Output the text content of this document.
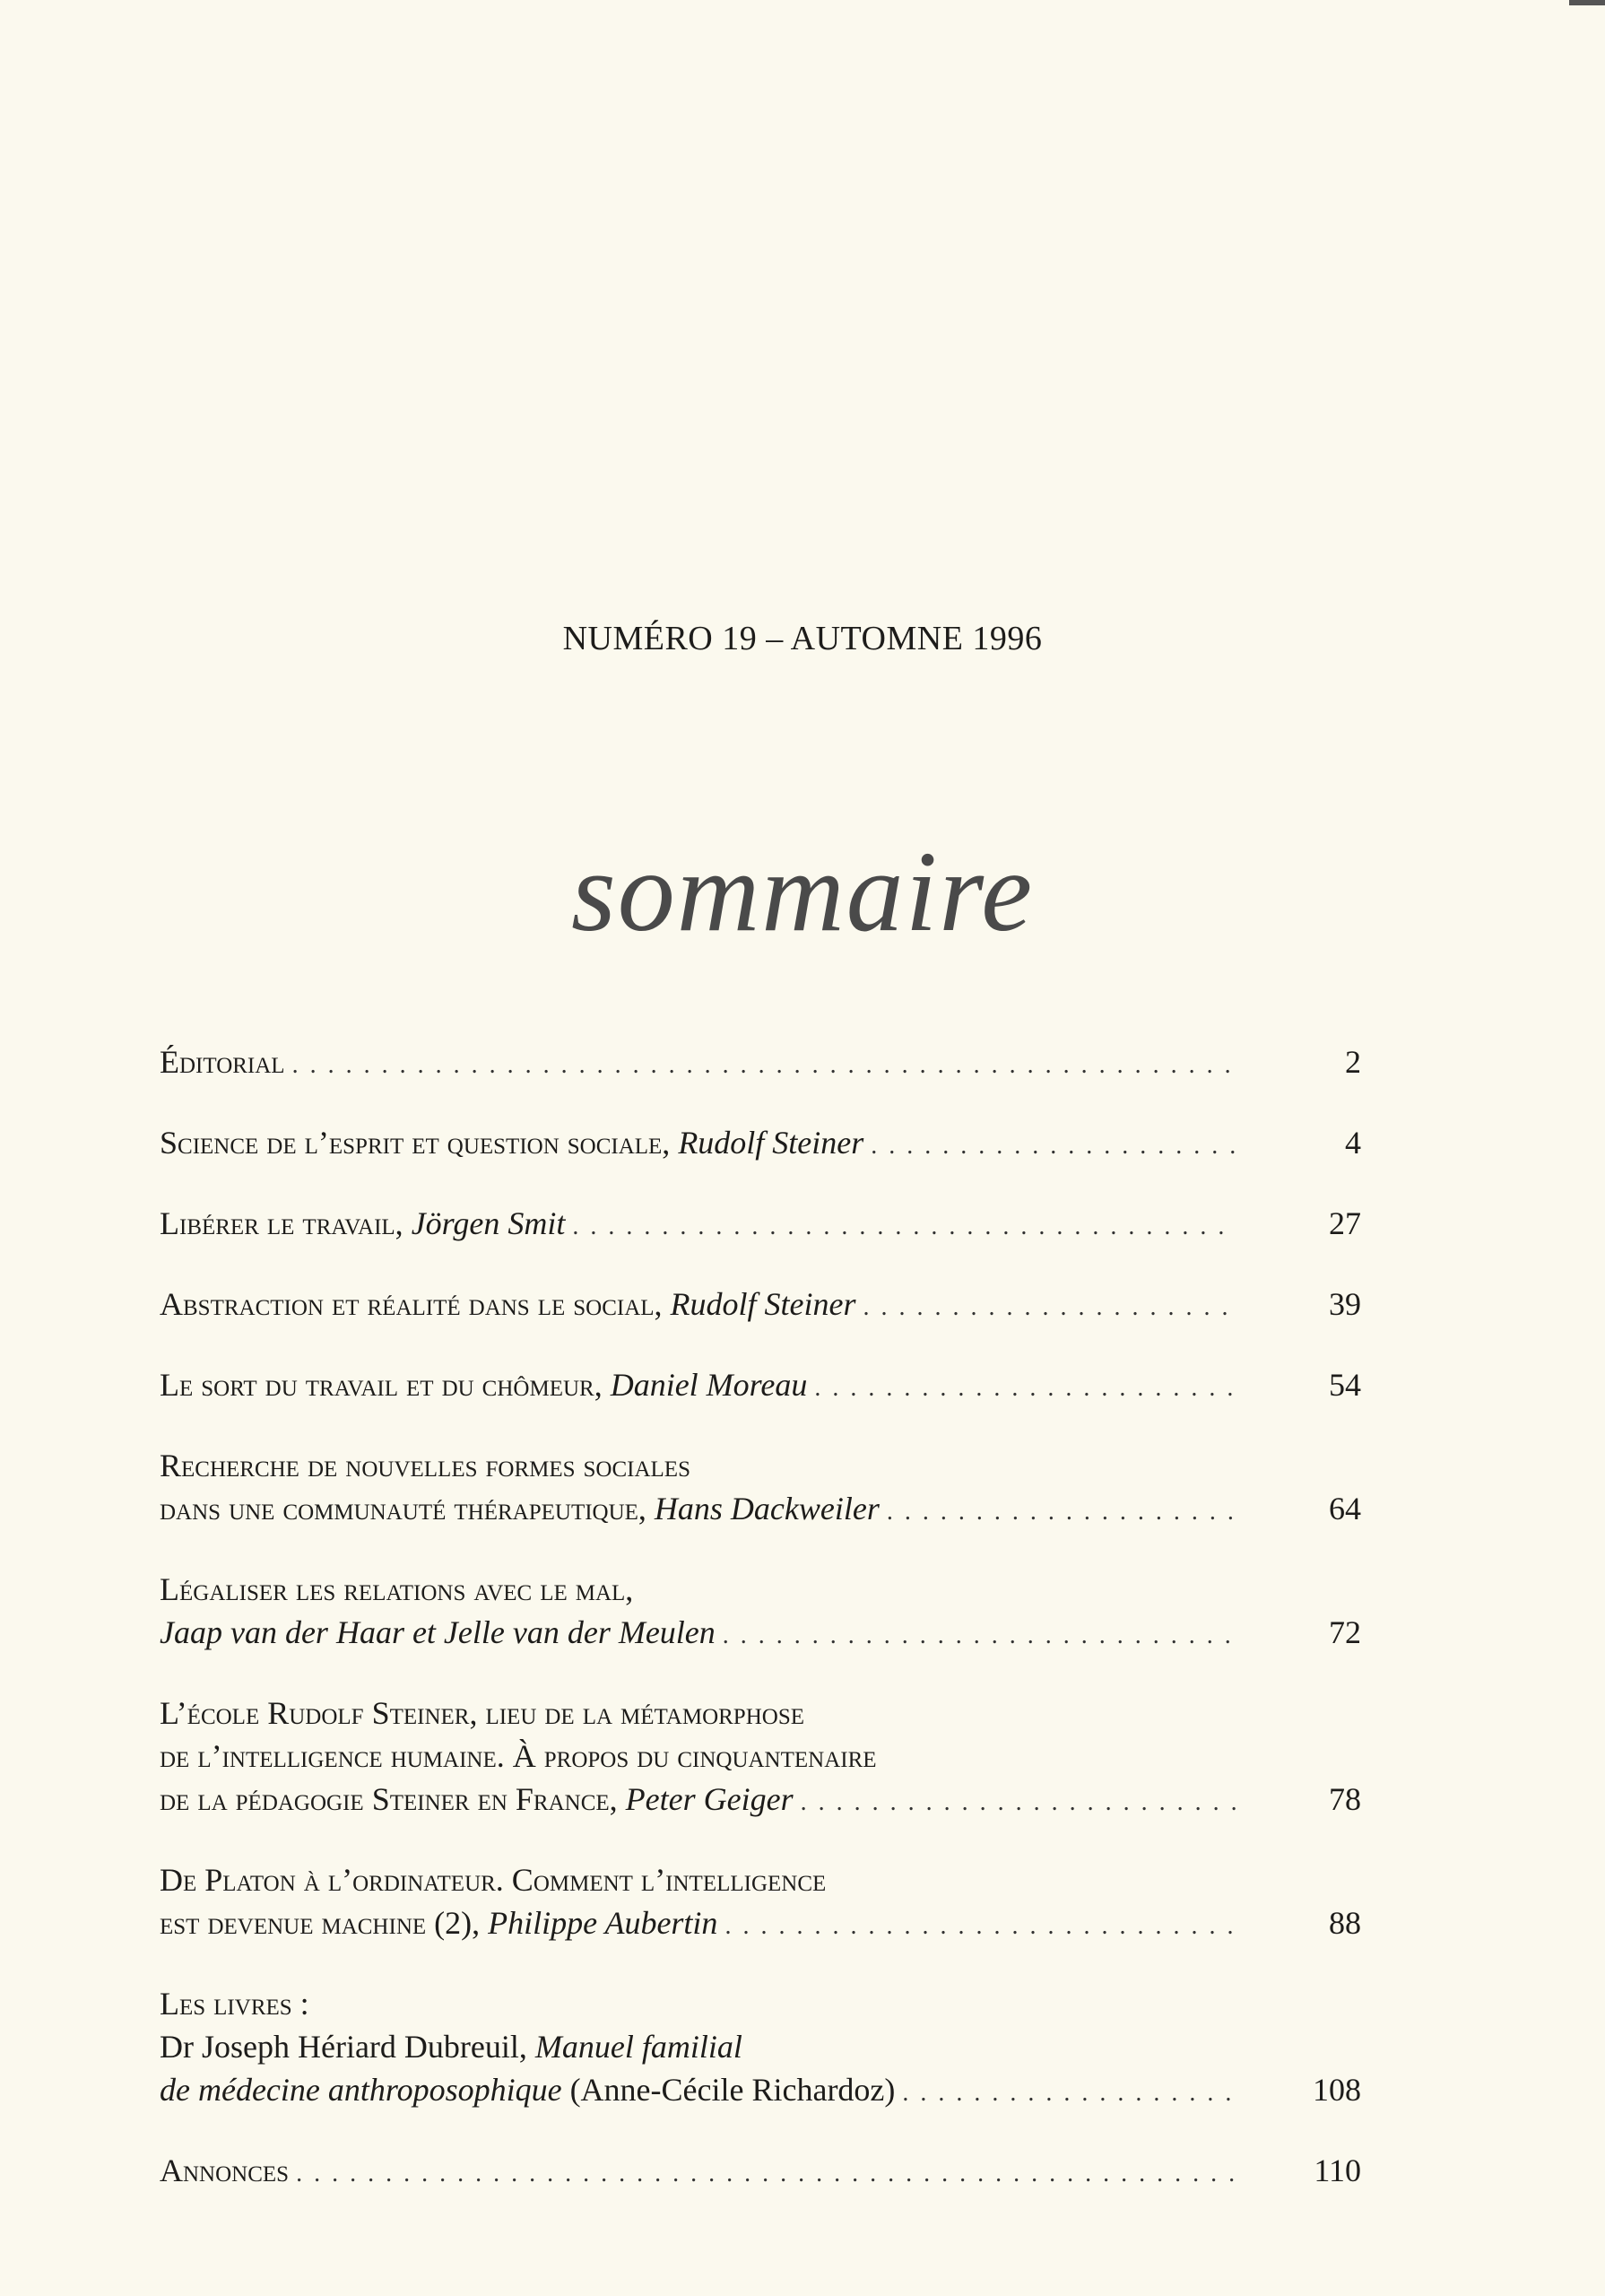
NUMÉRO 19 – AUTOMNE 1996
sommaire
Éditorial . . .	2
Science de l’esprit et question sociale,
Rudolf Steiner . . .	4
Libérer le travail,
Jörgen Smit . . .	27
Abstraction et réalité dans le social,
Rudolf Steiner . . .	39
Le sort du travail et du chômeur,
Daniel Moreau . . .	54
Recherche de nouvelles formes sociales
dans une communauté thérapeutique,
Hans Dackweiler . . .	64
Légaliser les relations avec le mal,
Jaap van der Haar et Jelle van der Meulen . . .	72
L’école Rudolf Steiner, lieu de la métamorphose
de l’intelligence humaine. À propos du cinquantenaire
de la pédagogie Steiner en France,
Peter Geiger . . .	78
De Platon à l’ordinateur. Comment l’intelligence
est devenue machine (2),
Philippe Aubertin . . .	88
Les livres :
Dr Joseph Hériard Dubreuil,
Manuel familial
de médecine anthroposophique
(Anne-Cécile Richardoz) . . .	108
Annonces . . .	110
